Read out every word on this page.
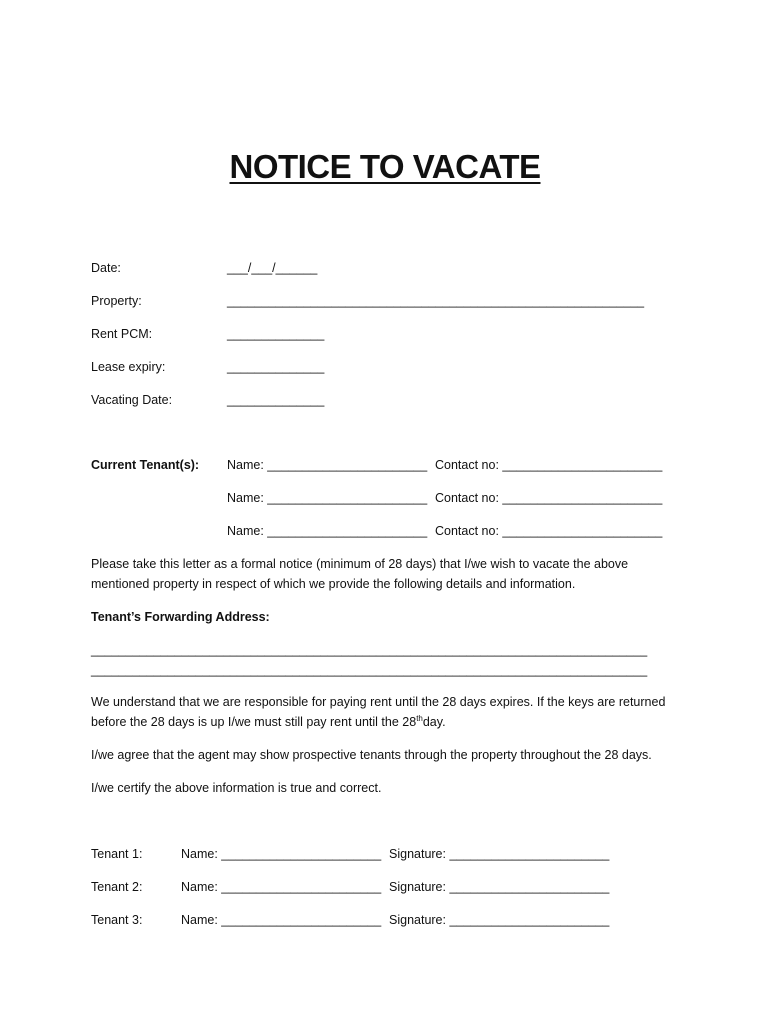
NOTICE TO VACATE
Date:	___/___/______
Property:	____________________________________________________________
Rent PCM:	______________
Lease expiry:	______________
Vacating Date:	______________
Current Tenant(s): Name: _______________________ Contact no: _______________________
Name: _______________________ Contact no: _______________________
Name: _______________________ Contact no: _______________________
Please take this letter as a formal notice (minimum of 28 days) that I/we wish to vacate the above
mentioned property in respect of which we provide the following details and information.
Tenant’s Forwarding Address:
________________________________________________________________________________
________________________________________________________________________________
We understand that we are responsible for paying rent until the 28 days expires. If the keys are returned
before the 28 days is up I/we must still pay rent until the 28thday.
I/we agree that the agent may show prospective tenants through the property throughout the 28 days.
I/we certify the above information is true and correct.
Tenant 1:	Name: _______________________ Signature: _______________________
Tenant 2:	Name: _______________________ Signature: _______________________
Tenant 3:	Name: _______________________ Signature: _______________________
